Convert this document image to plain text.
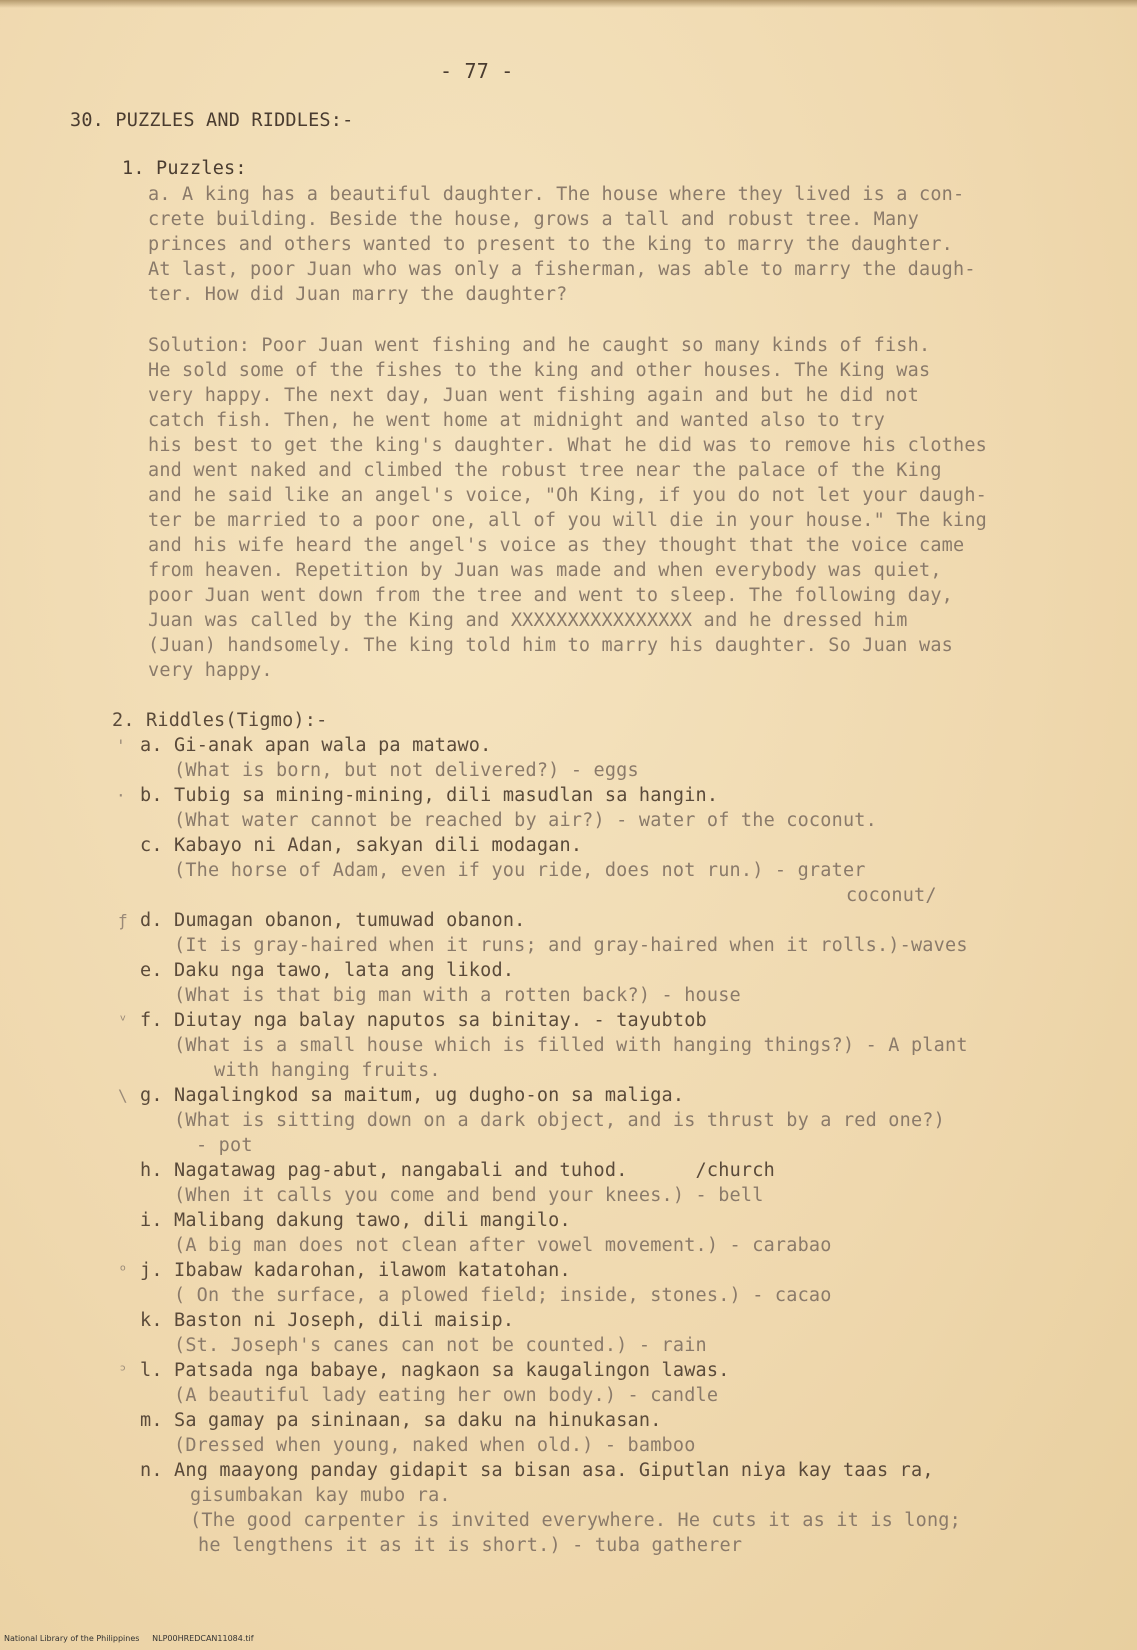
- 77 -
30. PUZZLES AND RIDDLES:-
1. Puzzles:
a. A king has a beautiful daughter. The house where they lived is a con-
crete building. Beside the house, grows a tall and robust tree. Many
princes and others wanted to present to the king to marry the daughter.
At last, poor Juan who was only a fisherman, was able to marry the daugh-
ter. How did Juan marry the daughter?
Solution: Poor Juan went fishing and he caught so many kinds of fish.
He sold some of the fishes to the king and other houses. The King was
very happy. The next day, Juan went fishing again and but he did not
catch fish. Then, he went home at midnight and wanted also to try
his best to get the king's daughter. What he did was to remove his clothes
and went naked and climbed the robust tree near the palace of the King
and he said like an angel's voice, "Oh King, if you do not let your daugh-
ter be married to a poor one, all of you will die in your house." The king
and his wife heard the angel's voice as they thought that the voice came
from heaven. Repetition by Juan was made and when everybody was quiet,
poor Juan went down from the tree and went to sleep. The following day,
Juan was called by the King and XXXXXXXXXXXXXXXX and he dressed him
(Juan) handsomely. The king told him to marry his daughter. So Juan was
very happy.
2. Riddles(Tigmo):-
a. Gi-anak apan wala pa matawo.
(What is born, but not delivered?) - eggs
b. Tubig sa mining-mining, dili masudlan sa hangin.
(What water cannot be reached by air?) - water of the coconut.
c. Kabayo ni Adan, sakyan dili modagan.
(The horse of Adam, even if you ride, does not run.) - grater
coconut/
d. Dumagan obanon, tumuwad obanon.
(It is gray-haired when it runs; and gray-haired when it rolls.)-waves
e. Daku nga tawo, lata ang likod.
(What is that big man with a rotten back?) - house
f. Diutay nga balay naputos sa binitay. - tayubtob
(What is a small house which is filled with hanging things?) - A plant
with hanging fruits.
g. Nagalingkod sa maitum, ug dugho-on sa maliga.
(What is sitting down on a dark object, and is thrust by a red one?)
- pot
h. Nagatawag pag-abut, nangabali and tuhod.      /church
(When it calls you come and bend your knees.) - bell
i. Malibang dakung tawo, dili mangilo.
(A big man does not clean after vowel movement.) - carabao
j. Ibabaw kadarohan, ilawom katatohan.
( On the surface, a plowed field; inside, stones.) - cacao
k. Baston ni Joseph, dili maisip.
(St. Joseph's canes can not be counted.) - rain
l. Patsada nga babaye, nagkaon sa kaugalingon lawas.
(A beautiful lady eating her own body.) - candle
m. Sa gamay pa sininaan, sa daku na hinukasan.
(Dressed when young, naked when old.) - bamboo
n. Ang maayong panday gidapit sa bisan asa. Giputlan niya kay taas ra,
gisumbakan kay mubo ra.
(The good carpenter is invited everywhere. He cuts it as it is long;
he lengthens it as it is short.) - tuba gatherer
'
·
ƒ
ᵛ
\
ᵒ
ᵓ
National Library of the Philippines     NLP00HREDCAN11084.tif
